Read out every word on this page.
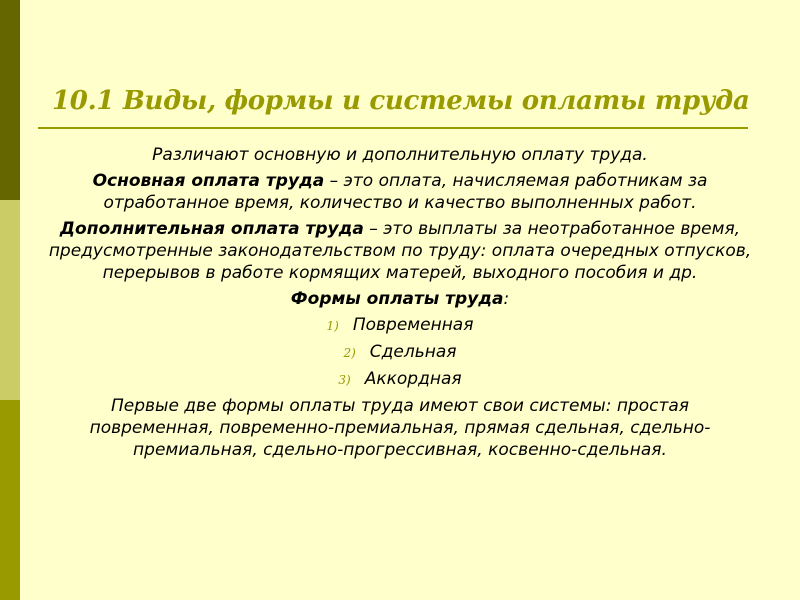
10.1 Виды, формы и системы оплаты труда

Различают основную и дополнительную оплату труда.

Основная оплата труда – это оплата, начисляемая работникам за отработанное время, количество и качество выполненных работ.

Дополнительная оплата труда – это выплаты за неотработанное время, предусмотренные законодательством по труду: оплата очередных отпусков, перерывов в работе кормящих матерей, выходного пособия и др.

Формы оплаты труда:

1) Повременная
2) Сдельная
3) Аккордная

Первые две формы оплаты труда имеют свои системы: простая повременная, повременно-премиальная, прямая сдельная, сдельно-премиальная, сдельно-прогрессивная, косвенно-сдельная.
